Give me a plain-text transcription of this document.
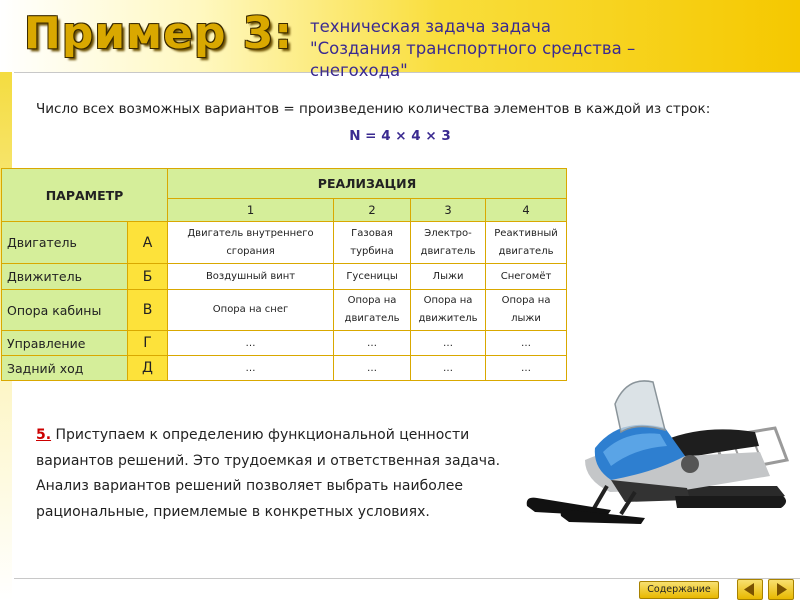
Пример 3: техническая задача задача
"Создания транспортного средства –
снегохода"
Число всех возможных вариантов = произведению количества элементов в каждой из строк:
N = 4 × 4 × 3
ПАРАМЕТР		РЕАЛИЗАЦИЯ			
		1	2	3	4
Двигатель	А	Двигатель внутреннего сгорания	Газовая турбина	Электро-двигатель	Реактивный двигатель
Движитель	Б	Воздушный винт	Гусеницы	Лыжи	Снегомёт
Опора кабины	В	Опора на снег	Опора на двигатель	Опора на движитель	Опора на лыжи
Управление	Г	…	…	…	…
Задний ход	Д	…	…	…	…
5. Приступаем к определению функциональной ценности вариантов решений. Это трудоемкая и ответственная задача. Анализ вариантов решений позволяет выбрать наиболее рациональные, приемлемые в конкретных условиях.
Содержание
